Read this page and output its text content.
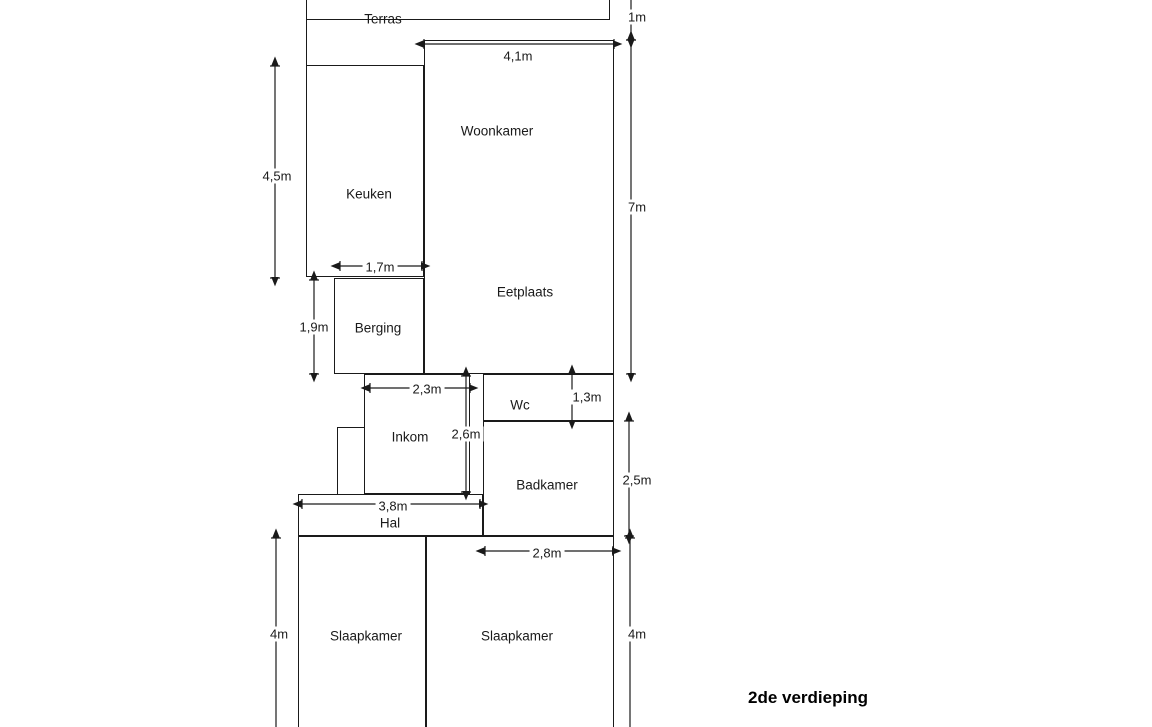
Terras
Keuken
Woonkamer
Eetplaats
Berging
Wc
Inkom
Badkamer
Hal
Slaapkamer	Slaapkamer
1m
4,1m
4,5m
7m
1,7m
1,9m
2,3m
1,3m
2,6m
3,8m
2,5m
2,8m
4m	4m
2de verdieping
